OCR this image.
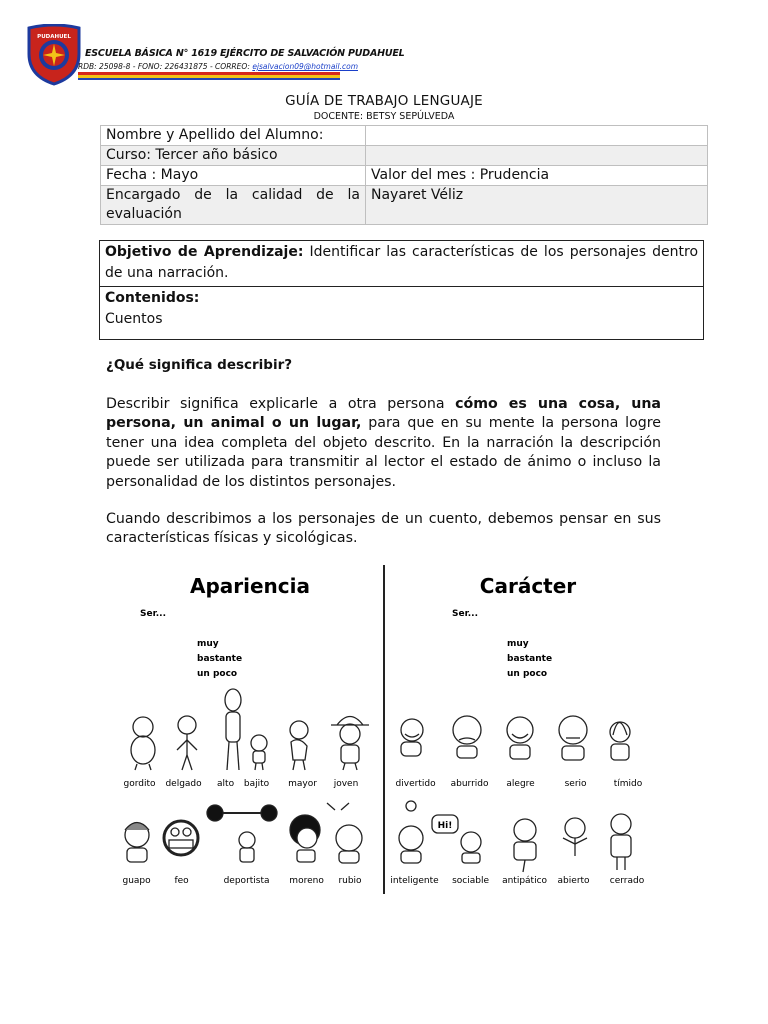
PUDAHUEL
ESCUELA BÁSICA N° 1619 EJÉRCITO DE SALVACIÓN PUDAHUEL
RDB: 25098-8 - FONO: 226431875 - CORREO: ejsalvacion09@hotmail.com
GUÍA DE TRABAJO LENGUAJE
DOCENTE: BETSY SEPÚLVEDA
Nombre y Apellido del Alumno:	
Curso: Tercer año básico	
Fecha : Mayo	Valor del mes : Prudencia
Encargado de la calidad de la evaluación	Nayaret Véliz
Objetivo de Aprendizaje: Identificar las características de los personajes dentro de una narración.
Contenidos:
Cuentos
¿Qué significa describir?
Describir significa explicarle a otra persona cómo es una cosa, una persona, un animal o un lugar, para que en su mente la persona logre tener una idea completa del objeto descrito. En la narración la descripción puede ser utilizada para transmitir al lector el estado de ánimo o incluso la personalidad de los distintos personajes.
Cuando describimos a los personajes de un cuento, debemos pensar en sus características físicas y sicológicas.
Apariencia
Ser...
muy
bastante
un poco
gordito delgado alto bajito mayor joven
guapo	feo	deportista moreno rubio
Carácter
Ser...
muy
bastante
un poco
divertido aburrido alegre	serio	tímido
Hi!
inteligente sociable antipático abierto cerrado
